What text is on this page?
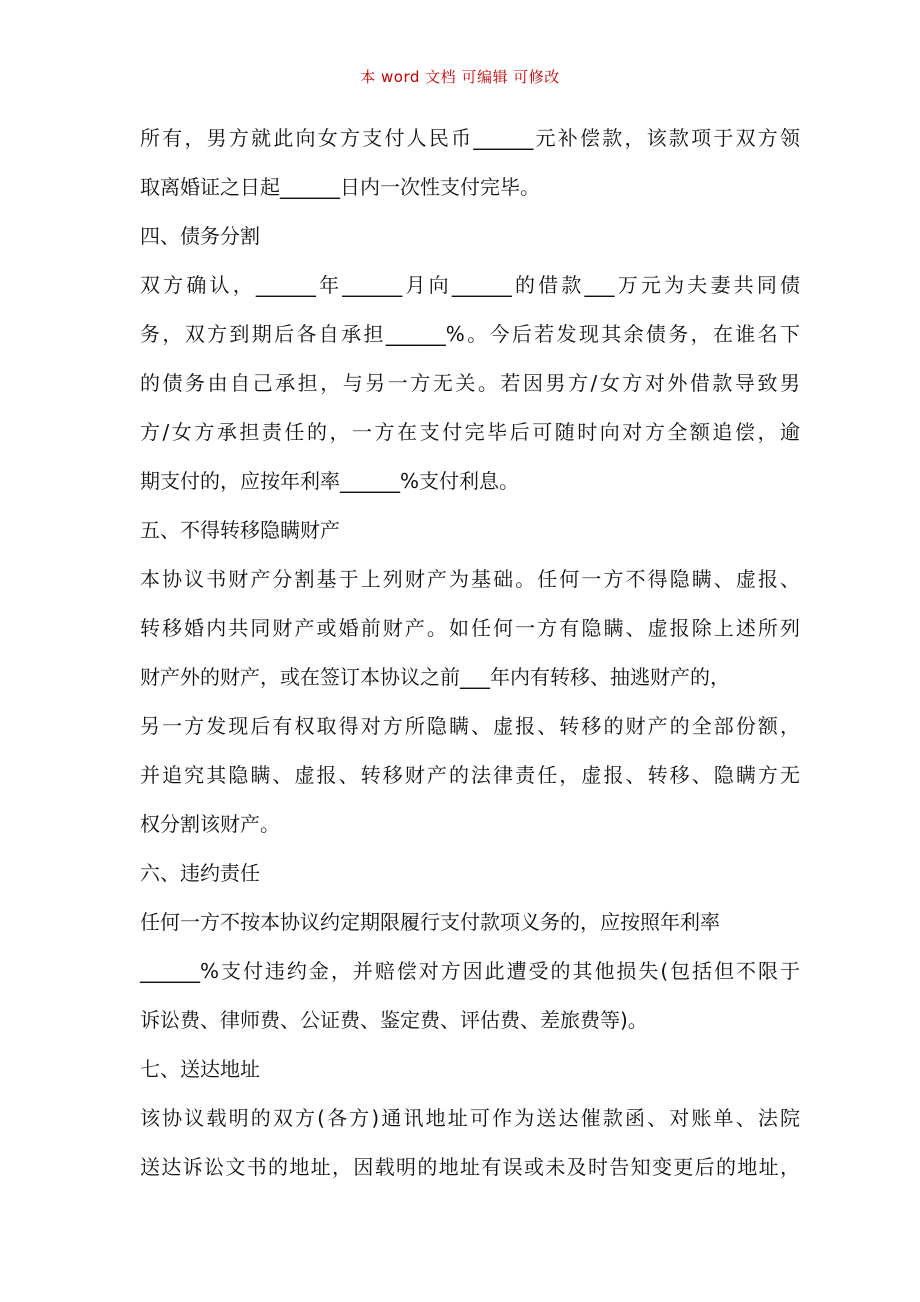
本 word 文档 可编辑 可修改
所有，男方就此向女方支付人民币______元补偿款，该款项于双方领
取离婚证之日起______日内一次性支付完毕。
四、债务分割
双方确认，______年______月向______的借款___万元为夫妻共同债
务，双方到期后各自承担______%。今后若发现其余债务，在谁名下
的债务由自己承担，与另一方无关。若因男方/女方对外借款导致男
方/女方承担责任的，一方在支付完毕后可随时向对方全额追偿，逾
期支付的，应按年利率______%支付利息。
五、不得转移隐瞒财产
本协议书财产分割基于上列财产为基础。任何一方不得隐瞒、虚报、
转移婚内共同财产或婚前财产。如任何一方有隐瞒、虚报除上述所列
财产外的财产，或在签订本协议之前___年内有转移、抽逃财产的，
另一方发现后有权取得对方所隐瞒、虚报、转移的财产的全部份额，
并追究其隐瞒、虚报、转移财产的法律责任，虚报、转移、隐瞒方无
权分割该财产。
六、违约责任
任何一方不按本协议约定期限履行支付款项义务的，应按照年利率
______%支付违约金，并赔偿对方因此遭受的其他损失(包括但不限于
诉讼费、律师费、公证费、鉴定费、评估费、差旅费等)。
七、送达地址
该协议载明的双方(各方)通讯地址可作为送达催款函、对账单、法院
送达诉讼文书的地址，因载明的地址有误或未及时告知变更后的地址，
